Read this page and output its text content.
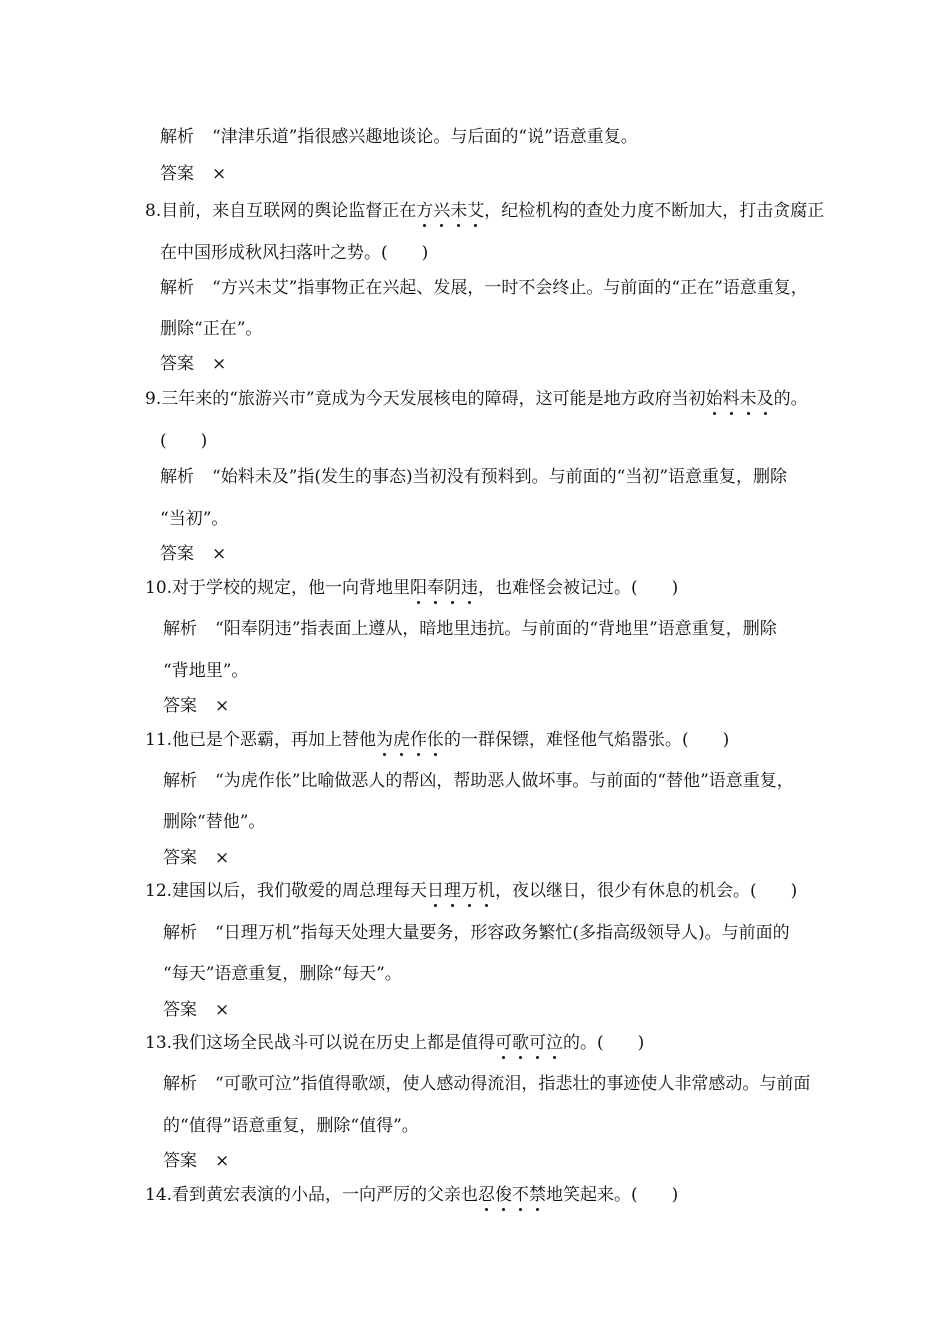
解析 “津津乐道”指很感兴趣地谈论。与后面的“说”语意重复。
答案 ×
8.目前，来自互联网的舆论监督正在方兴未艾，纪检机构的查处力度不断加大，打击贪腐正
在中国形成秋风扫落叶之势。(　　)
解析 “方兴未艾”指事物正在兴起、发展，一时不会终止。与前面的“正在”语意重复，
删除“正在”。
答案 ×
9.三年来的“旅游兴市”竟成为今天发展核电的障碍，这可能是地方政府当初始料未及的。
(　　)
解析 “始料未及”指(发生的事态)当初没有预料到。与前面的“当初”语意重复，删除
“当初”。
答案 ×
10.对于学校的规定，他一向背地里阳奉阴违，也难怪会被记过。(　　)
解析 “阳奉阴违”指表面上遵从，暗地里违抗。与前面的“背地里”语意重复，删除
“背地里”。
答案 ×
11.他已是个恶霸，再加上替他为虎作伥的一群保镖，难怪他气焰嚣张。(　　)
解析 “为虎作伥”比喻做恶人的帮凶，帮助恶人做坏事。与前面的“替他”语意重复，
删除“替他”。
答案 ×
12.建国以后，我们敬爱的周总理每天日理万机，夜以继日，很少有休息的机会。(　　)
解析 “日理万机”指每天处理大量要务，形容政务繁忙(多指高级领导人)。与前面的
“每天”语意重复，删除“每天”。
答案 ×
13.我们这场全民战斗可以说在历史上都是值得可歌可泣的。(　　)
解析 “可歌可泣”指值得歌颂，使人感动得流泪，指悲壮的事迹使人非常感动。与前面
的“值得”语意重复，删除“值得”。
答案 ×
14.看到黄宏表演的小品，一向严厉的父亲也忍俊不禁地笑起来。(　　)
